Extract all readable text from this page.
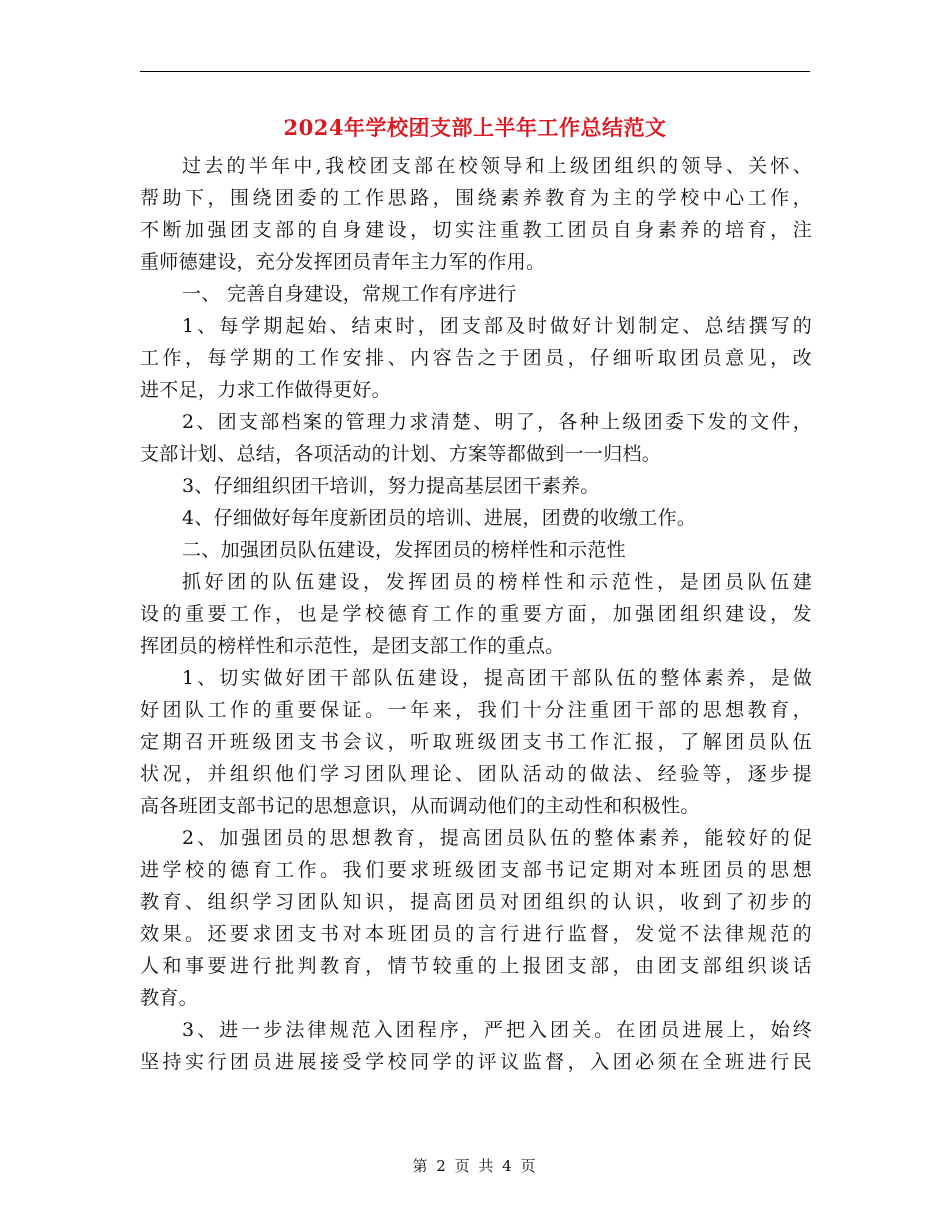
2024年学校团支部上半年工作总结范文
过去的半年中,我校团支部在校领导和上级团组织的领导、关怀、
帮助下，围绕团委的工作思路，围绕素养教育为主的学校中心工作，
不断加强团支部的自身建设，切实注重教工团员自身素养的培育，注
重师德建设，充分发挥团员青年主力军的作用。
一、 完善自身建设，常规工作有序进行
1、每学期起始、结束时，团支部及时做好计划制定、总结撰写的
工作，每学期的工作安排、内容告之于团员，仔细听取团员意见，改
进不足，力求工作做得更好。
2、团支部档案的管理力求清楚、明了，各种上级团委下发的文件，
支部计划、总结，各项活动的计划、方案等都做到一一归档。
3、仔细组织团干培训，努力提高基层团干素养。
4、仔细做好每年度新团员的培训、进展，团费的收缴工作。
二、加强团员队伍建设，发挥团员的榜样性和示范性
抓好团的队伍建设，发挥团员的榜样性和示范性，是团员队伍建
设的重要工作，也是学校德育工作的重要方面，加强团组织建设，发
挥团员的榜样性和示范性，是团支部工作的重点。
1、切实做好团干部队伍建设，提高团干部队伍的整体素养，是做
好团队工作的重要保证。一年来，我们十分注重团干部的思想教育，
定期召开班级团支书会议，听取班级团支书工作汇报，了解团员队伍
状况，并组织他们学习团队理论、团队活动的做法、经验等，逐步提
高各班团支部书记的思想意识，从而调动他们的主动性和积极性。
2、加强团员的思想教育，提高团员队伍的整体素养，能较好的促
进学校的德育工作。我们要求班级团支部书记定期对本班团员的思想
教育、组织学习团队知识，提高团员对团组织的认识，收到了初步的
效果。还要求团支书对本班团员的言行进行监督，发觉不法律规范的
人和事要进行批判教育，情节较重的上报团支部，由团支部组织谈话
教育。
3、进一步法律规范入团程序，严把入团关。在团员进展上，始终
坚持实行团员进展接受学校同学的评议监督，入团必须在全班进行民
第 2 页 共 4 页
